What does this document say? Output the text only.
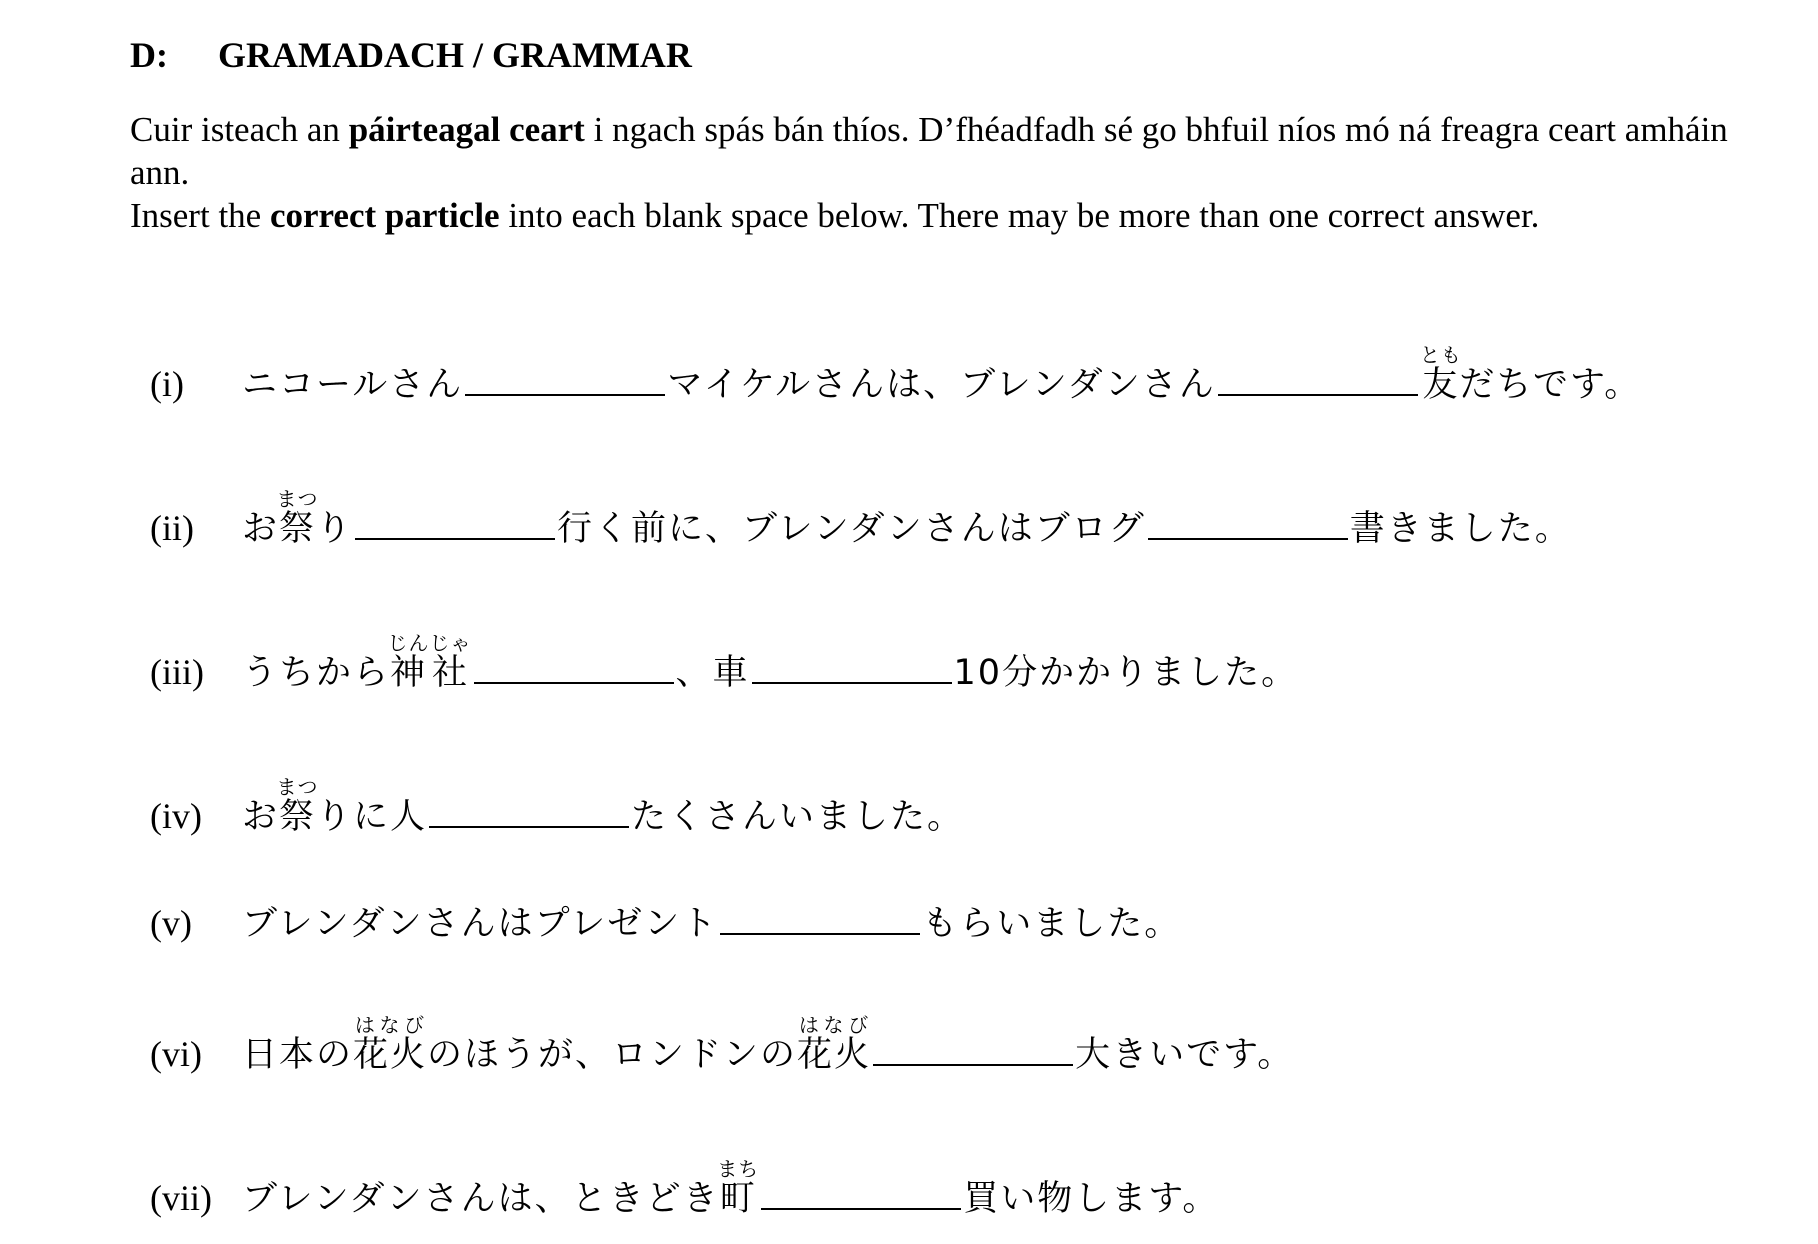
D: GRAMADACH / GRAMMAR

Cuir isteach an páirteagal ceart i ngach spás bán thíos. D’fhéadfadh sé go bhfuil níos mó ná freagra ceart amháin ann.

Insert the correct particle into each blank space below. There may be more than one correct answer.

(i)	ニコールさん	マイケルさんは、ブレンダンさん	友ともだちです。
(ii)	お祭まつり	行く前に、ブレンダンさんはブログ	書きました。
(iii)	うちから神社じんじゃ、車	10分かかりました。
(iv)	お祭まつりに人	たくさんいました。
(v)	ブレンダンさんはプレゼント	もらいました。
(vi)	日本の花火はなびのほうが、ロンドンの花火はなび大きいです。
(vii) ブレンダンさんは、ときどき町まち買い物します。
